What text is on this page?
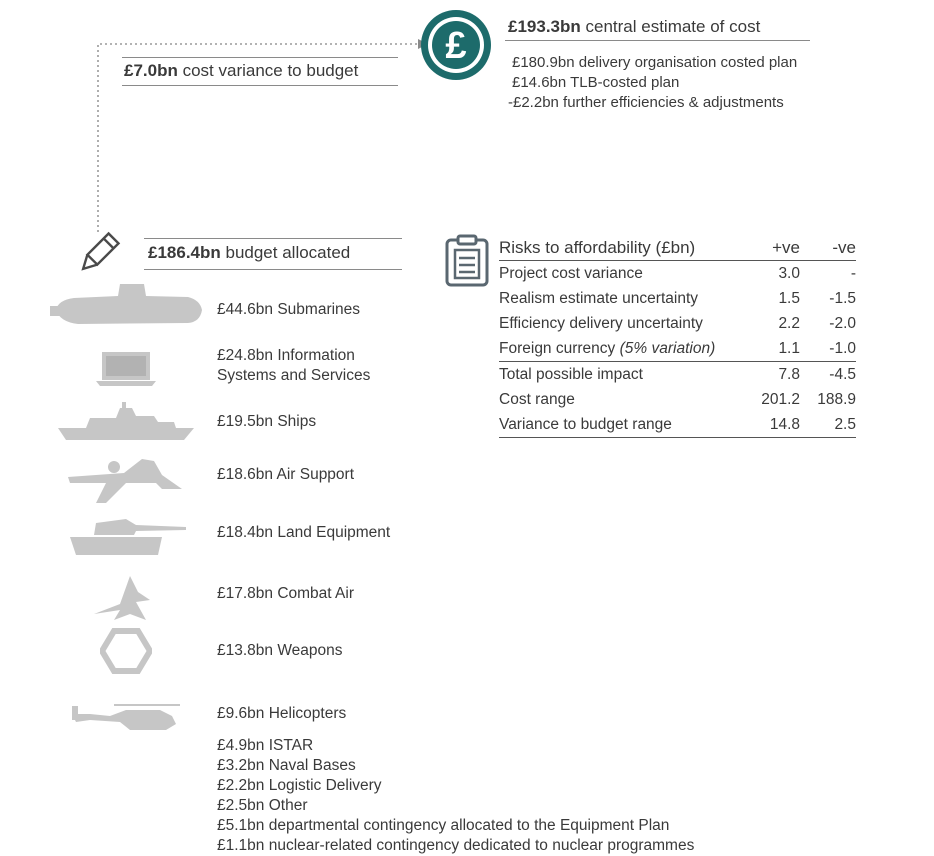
£ £193.3bn central estimate of cost
£180.9bn delivery organisation costed plan
£14.6bn TLB-costed plan
-£2.2bn further efficiencies & adjustments
£7.0bn cost variance to budget
£186.4bn budget allocated
£44.6bn Submarines
£24.8bn Information Systems and Services
£19.5bn Ships
£18.6bn Air Support
£18.4bn Land Equipment
£17.8bn Combat Air
£13.8bn Weapons
£9.6bn Helicopters
£4.9bn ISTAR
£3.2bn Naval Bases
£2.2bn Logistic Delivery
£2.5bn Other
£5.1bn departmental contingency allocated to the Equipment Plan
£1.1bn nuclear-related contingency dedicated to nuclear programmes
Risks to affordability (£bn)	+ve	-ve
Project cost variance	3.0	-
Realism estimate uncertainty	1.5	-1.5
Efficiency delivery uncertainty	2.2	-2.0
Foreign currency (5% variation)	1.1	-1.0
Total possible impact	7.8	-4.5
Cost range	201.2	188.9
Variance to budget range	14.8	2.5
